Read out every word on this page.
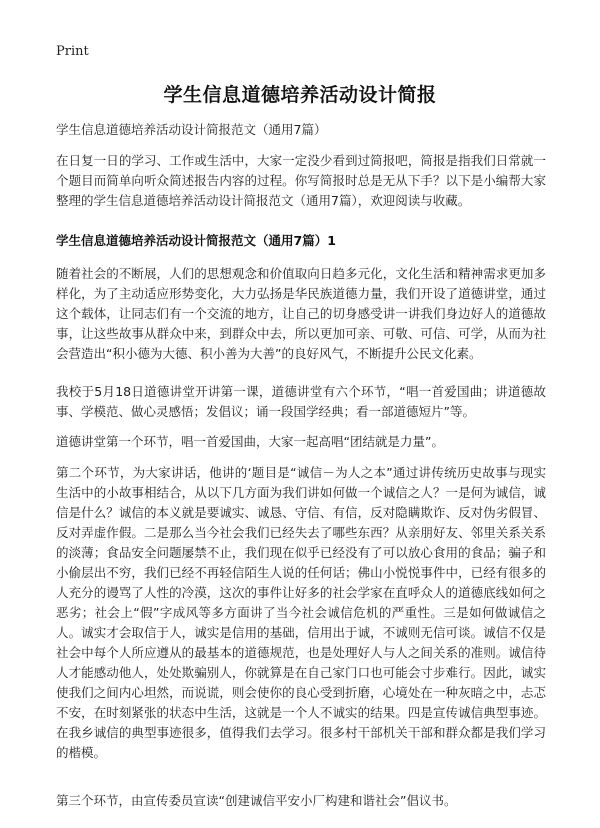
Print
学生信息道德培养活动设计简报
学生信息道德培养活动设计简报范文（通用7篇）

在日复一日的学习、工作或生活中，大家一定没少看到过简报吧，简报是指我们日常就一个题目而简单向听众简述报告内容的过程。你写简报时总是无从下手？以下是小编帮大家整理的学生信息道德培养活动设计简报范文（通用7篇），欢迎阅读与收藏。

学生信息道德培养活动设计简报范文（通用7篇）1

随着社会的不断展，人们的思想观念和价值取向日趋多元化，文化生活和精神需求更加多样化，为了主动适应形势变化，大力弘扬是华民族道德力量，我们开设了道德讲堂，通过这个载体，让同志们有一个交流的地方，让自己的切身感受讲一讲我们身边好人的道德故事，让这些故事从群众中来，到群众中去，所以更加可亲、可敬、可信、可学，从而为社会营造出“积小德为大德、积小善为大善”的良好风气，不断提升公民文化素。

我校于5月18日道德讲堂开讲第一课，道德讲堂有六个环节，“唱一首爱国曲；讲道德故事、学模范、做心灵感悟；发倡议；诵一段国学经典；看一部道德短片”等。

道德讲堂第一个环节，唱一首爱国曲，大家一起高唱“团结就是力量”。

第二个环节，为大家讲话，他讲的‘题目是“诚信－为人之本”通过讲传统历史故事与现实生活中的小故事相结合，从以下几方面为我们讲如何做一个诚信之人？一是何为诚信，诚信是什么？诚信的本义就是要诚实、诚恳、守信、有信，反对隐瞒欺诈、反对伪劣假冒、反对弄虚作假。二是那么当今社会我们已经失去了哪些东西？从亲朋好友、邻里关系关系的淡薄；食品安全问题屡禁不止，我们现在似乎已经没有了可以放心食用的食品；骗子和小偷层出不穷，我们已经不再轻信陌生人说的任何话；佛山小悦悦事件中，已经有很多的人充分的谩骂了人性的冷漠，这次的事件让好多的社会学家在直呼众人的道德底线如何之恶劣；社会上“假”字成风等多方面讲了当今社会诚信危机的严重性。三是如何做诚信之人。诚实才会取信于人，诚实是信用的基础，信用出于诚，不诚则无信可谈。诚信不仅是社会中每个人所应遵从的最基本的道德规范，也是处理好人与人之间关系的准则。诚信待人才能感动他人，处处欺骗别人，你就算是在自己家门口也可能会寸步难行。因此，诚实使我们之间内心坦然，而说谎，则会使你的良心受到折磨，心境处在一种灰暗之中，忐忑不安，在时刻紧张的状态中生活，这就是一个人不诚实的结果。四是宣传诚信典型事迹。在我乡诚信的典型事迹很多，值得我们去学习。很多村干部机关干部和群众都是我们学习的楷模。

第三个环节，由宣传委员宣读“创建诚信平安小厂构建和谐社会”倡议书。
